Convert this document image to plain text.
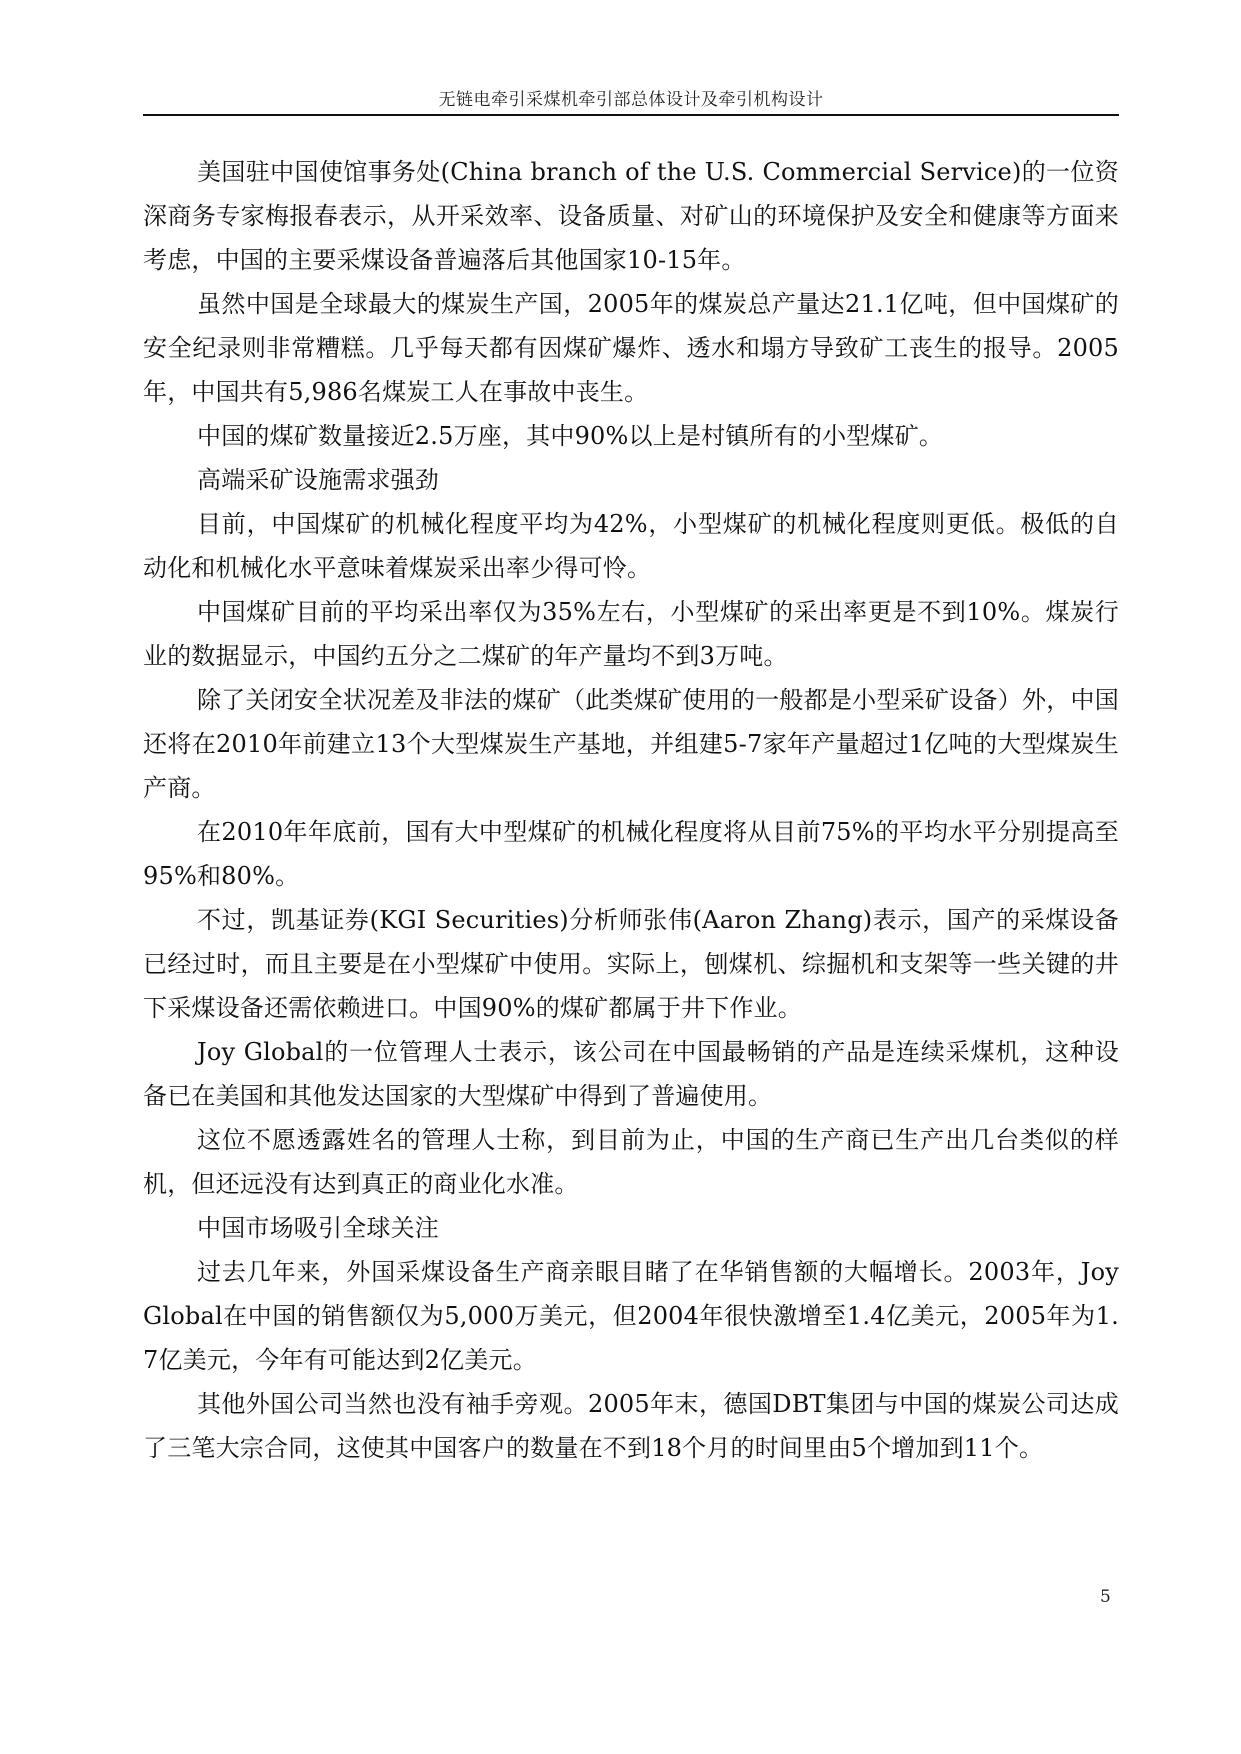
无链电牵引采煤机牵引部总体设计及牵引机构设计

美国驻中国使馆事务处(China branch of the U.S. Commercial Service)的一位资深商务专家梅报春表示，从开采效率、设备质量、对矿山的环境保护及安全和健康等方面来考虑，中国的主要采煤设备普遍落后其他国家10-15年。

虽然中国是全球最大的煤炭生产国，2005年的煤炭总产量达21.1亿吨，但中国煤矿的安全纪录则非常糟糕。几乎每天都有因煤矿爆炸、透水和塌方导致矿工丧生的报导。2005年，中国共有5,986名煤炭工人在事故中丧生。

中国的煤矿数量接近2.5万座，其中90%以上是村镇所有的小型煤矿。

高端采矿设施需求强劲

目前，中国煤矿的机械化程度平均为42%，小型煤矿的机械化程度则更低。极低的自动化和机械化水平意味着煤炭采出率少得可怜。

中国煤矿目前的平均采出率仅为35%左右，小型煤矿的采出率更是不到10%。煤炭行业的数据显示，中国约五分之二煤矿的年产量均不到3万吨。

除了关闭安全状况差及非法的煤矿（此类煤矿使用的一般都是小型采矿设备）外，中国还将在2010年前建立13个大型煤炭生产基地，并组建5-7家年产量超过1亿吨的大型煤炭生产商。

在2010年年底前，国有大中型煤矿的机械化程度将从目前75%的平均水平分别提高至95%和80%。

不过，凯基证券(KGI Securities)分析师张伟(Aaron Zhang)表示，国产的采煤设备已经过时，而且主要是在小型煤矿中使用。实际上，刨煤机、综掘机和支架等一些关键的井下采煤设备还需依赖进口。中国90%的煤矿都属于井下作业。

Joy Global的一位管理人士表示，该公司在中国最畅销的产品是连续采煤机，这种设备已在美国和其他发达国家的大型煤矿中得到了普遍使用。

这位不愿透露姓名的管理人士称，到目前为止，中国的生产商已生产出几台类似的样机，但还远没有达到真正的商业化水准。

中国市场吸引全球关注

过去几年来，外国采煤设备生产商亲眼目睹了在华销售额的大幅增长。2003年，Joy Global在中国的销售额仅为5,000万美元，但2004年很快激增至1.4亿美元，2005年为1.7亿美元，今年有可能达到2亿美元。

其他外国公司当然也没有袖手旁观。2005年末，德国DBT集团与中国的煤炭公司达成了三笔大宗合同，这使其中国客户的数量在不到18个月的时间里由5个增加到11个。

5
